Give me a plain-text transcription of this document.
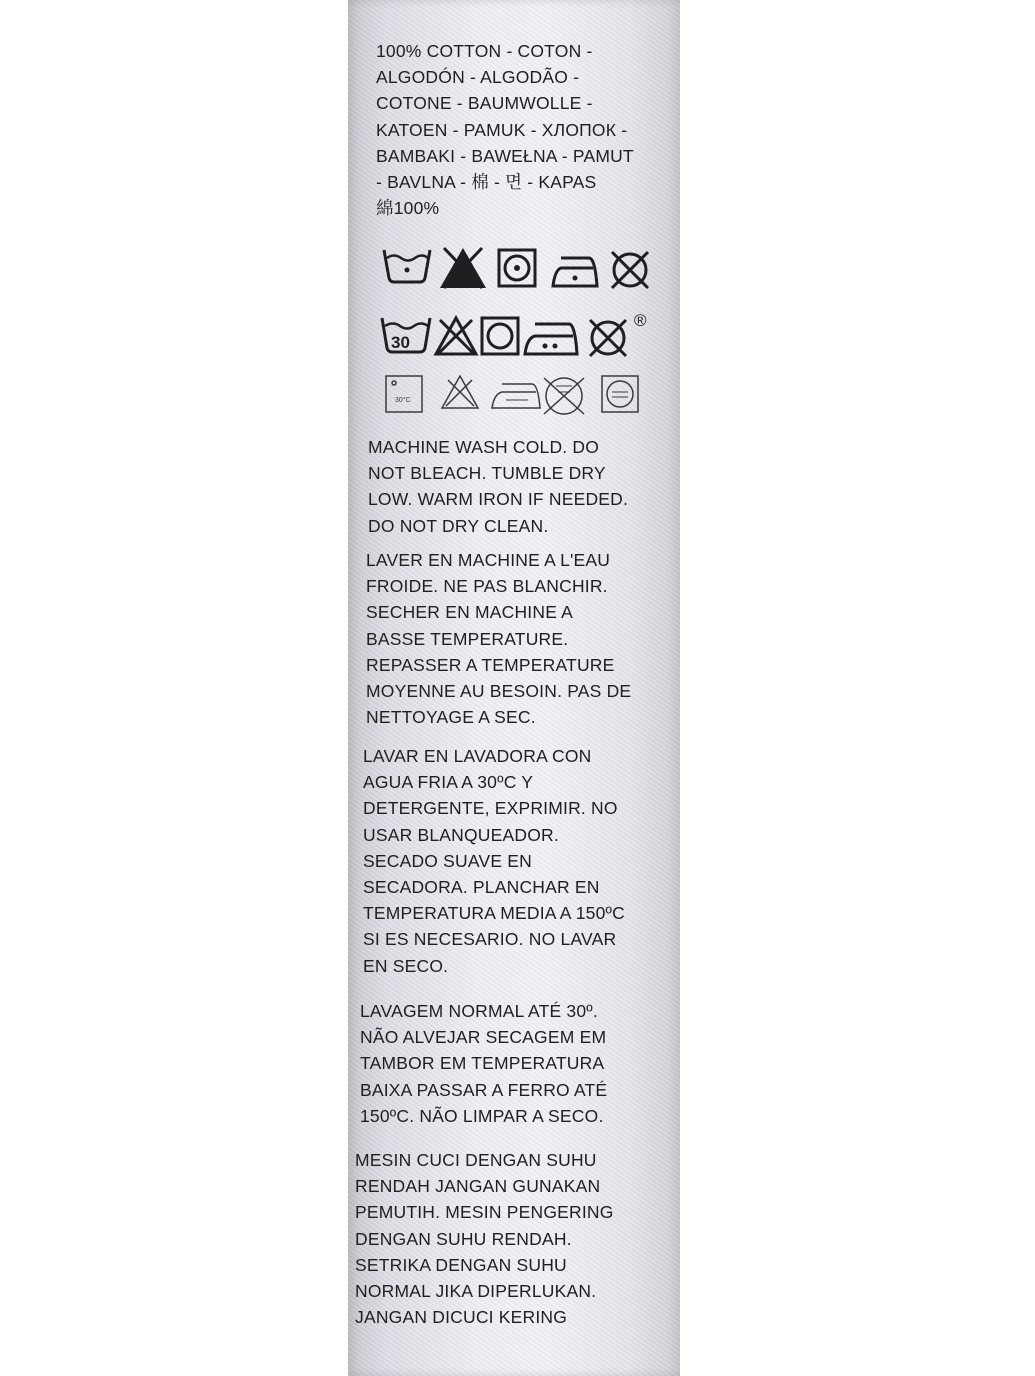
100% COTTON - COTON -
ALGODÓN - ALGODÃO -
COTONE - BAUMWOLLE -
KATOEN - PAMUK - ХЛОПОК -
BAMBAKI - BAWEŁNA - PAMUT
- BAVLNA - 棉 - 면 - KAPAS
綿100%

30
30°C
®

MACHINE WASH COLD. DO
NOT BLEACH. TUMBLE DRY
LOW. WARM IRON IF NEEDED.
DO NOT DRY CLEAN.

LAVER EN MACHINE A L'EAU
FROIDE. NE PAS BLANCHIR.
SECHER EN MACHINE A
BASSE TEMPERATURE.
REPASSER A TEMPERATURE
MOYENNE AU BESOIN. PAS DE
NETTOYAGE A SEC.

LAVAR EN LAVADORA CON
AGUA FRIA A 30ºC Y
DETERGENTE, EXPRIMIR. NO
USAR BLANQUEADOR.
SECADO SUAVE EN
SECADORA. PLANCHAR EN
TEMPERATURA MEDIA A 150ºC
SI ES NECESARIO. NO LAVAR
EN SECO.

LAVAGEM NORMAL ATÉ 30º.
NÃO ALVEJAR SECAGEM EM
TAMBOR EM TEMPERATURA
BAIXA PASSAR A FERRO ATÉ
150ºC. NÃO LIMPAR A SECO.

MESIN CUCI DENGAN SUHU
RENDAH JANGAN GUNAKAN
PEMUTIH. MESIN PENGERING
DENGAN SUHU RENDAH.
SETRIKA DENGAN SUHU
NORMAL JIKA DIPERLUKAN.
JANGAN DICUCI KERING
